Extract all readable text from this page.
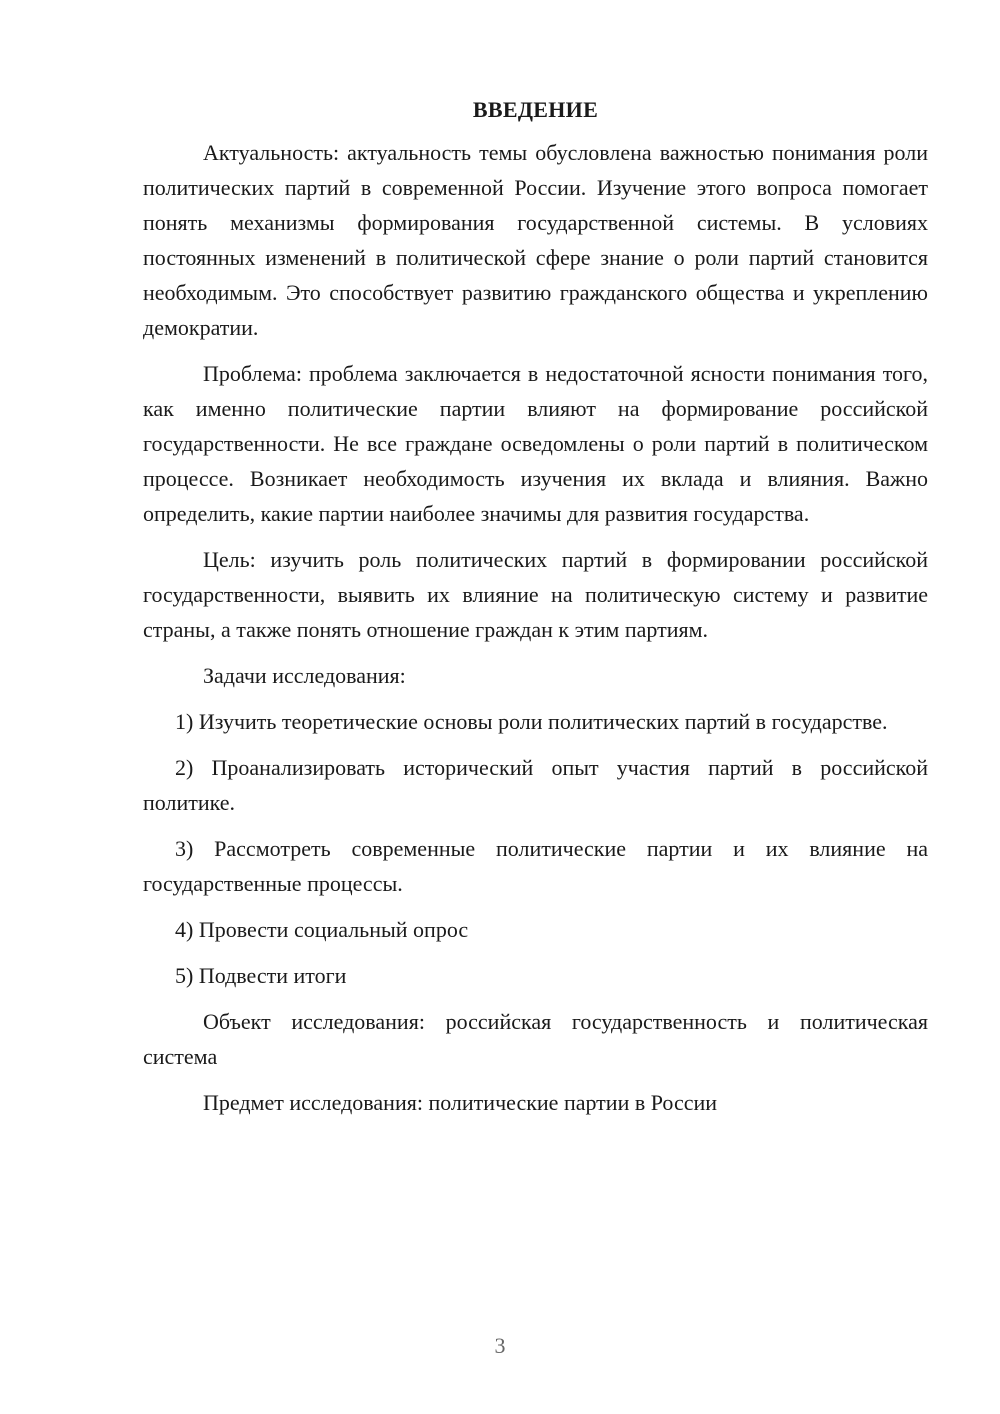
ВВЕДЕНИЕ

Актуальность: актуальность темы обусловлена важностью понимания роли политических партий в современной России. Изучение этого вопроса помогает понять механизмы формирования государственной системы. В условиях постоянных изменений в политической сфере знание о роли партий становится необходимым. Это способствует развитию гражданского общества и укреплению демократии.

Проблема: проблема заключается в недостаточной ясности понимания того, как именно политические партии влияют на формирование российской государственности. Не все граждане осведомлены о роли партий в политическом процессе. Возникает необходимость изучения их вклада и влияния. Важно определить, какие партии наиболее значимы для развития государства.

Цель: изучить роль политических партий в формировании российской государственности, выявить их влияние на политическую систему и развитие страны, а также понять отношение граждан к этим партиям.

Задачи исследования:

1) Изучить теоретические основы роли политических партий в государстве.

2) Проанализировать исторический опыт участия партий в российской политике.

3) Рассмотреть современные политические партии и их влияние на государственные процессы.

4) Провести социальный опрос

5) Подвести итоги

Объект исследования: российская государственность и политическая система

Предмет исследования: политические партии в России

3
